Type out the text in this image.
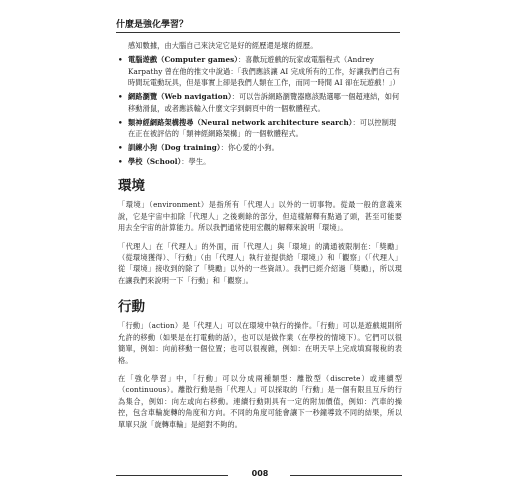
什麼是強化學習？

感知數據，由大腦自己來決定它是好的經歷還是壞的經歷。

• 電腦遊戲（Computer games）：喜歡玩遊戲的玩家或電腦程式（Andrey Karpathy 曾在他的推文中說過：「我們應該讓 AI 完成所有的工作，好讓我們自己有時間玩電動玩具，但是事實上卻是我們人類在工作，而同一時間 AI 卻在玩遊戲！」）
• 網路瀏覽（Web navigation）：可以告訴網路瀏覽器應該點選哪一個超連結，如何移動滑鼠，或者應該輸入什麼文字到網頁中的一個軟體程式。
• 類神經網路架構搜尋（Neural network architecture search）：可以控制現在正在被評估的「類神經網路架構」的一個軟體程式。
• 訓練小狗（Dog training）：你心愛的小狗。
• 學校（School）：學生。
環境

「環境」（environment）是指所有「代理人」以外的一切事物。從最一般的意義來說，它是宇宙中扣除「代理人」之後剩餘的部分，但這樣解釋有點過了頭，甚至可能要用去全宇宙的計算能力。所以我們通常使用宏觀的解釋來說明「環境」。

「代理人」在「代理人」的外面，而「代理人」與「環境」的溝通被限制在：「獎勵」（從環境獲得）、「行動」（由「代理人」執行並提供給「環境」）和「觀察」（「代理人」從「環境」接收到的除了「獎勵」以外的一些資訊）。我們已經介紹過「獎勵」，所以現在讓我們來說明一下「行動」和「觀察」。

行動

「行動」（action）是「代理人」可以在環境中執行的操作。「行動」可以是遊戲規則所允許的移動（如果是在打電動的話），也可以是做作業（在學校的情境下）。它們可以很簡單，例如：向前移動一個位置；也可以很複雜，例如：在明天早上完成填寫報稅的表格。

在「強化學習」中，「行動」可以分成兩種類型：離散型（discrete）或連續型（continuous）。離散行動是指「代理人」可以採取的「行動」是一個有限且互斥的行為集合，例如：向左或向右移動。連續行動則具有一定的附加價值，例如：汽車的操控，包含車輪旋轉的角度和方向。不同的角度可能會讓下一秒鐘導致不同的結果，所以單單只說「旋轉車輪」是絕對不夠的。

008
